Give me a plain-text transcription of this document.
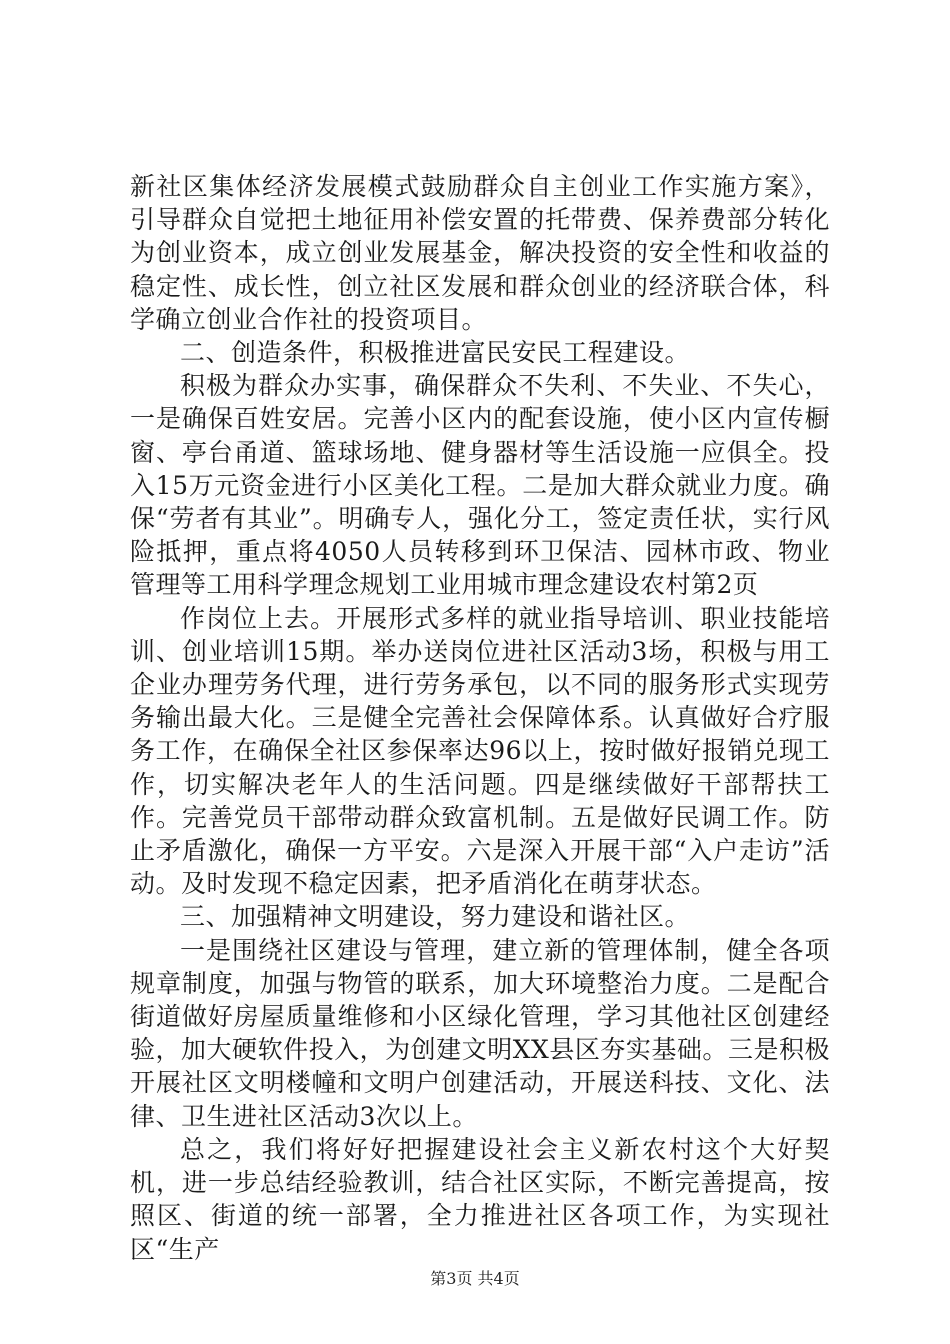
新社区集体经济发展模式鼓励群众自主创业工作实施方案》，引导群众自觉把土地征用补偿安置的托带费、保养费部分转化为创业资本，成立创业发展基金，解决投资的安全性和收益的稳定性、成长性，创立社区发展和群众创业的经济联合体，科学确立创业合作社的投资项目。

二、创造条件，积极推进富民安民工程建设。

积极为群众办实事，确保群众不失利、不失业、不失心，一是确保百姓安居。完善小区内的配套设施，使小区内宣传橱窗、亭台甬道、篮球场地、健身器材等生活设施一应俱全。投入15万元资金进行小区美化工程。二是加大群众就业力度。确保“劳者有其业”。明确专人，强化分工，签定责任状，实行风险抵押，重点将4050人员转移到环卫保洁、园林市政、物业管理等工用科学理念规划工业用城市理念建设农村第2页

作岗位上去。开展形式多样的就业指导培训、职业技能培训、创业培训15期。举办送岗位进社区活动3场，积极与用工企业办理劳务代理，进行劳务承包，以不同的服务形式实现劳务输出最大化。三是健全完善社会保障体系。认真做好合疗服务工作，在确保全社区参保率达96以上，按时做好报销兑现工作，切实解决老年人的生活问题。四是继续做好干部帮扶工作。完善党员干部带动群众致富机制。五是做好民调工作。防止矛盾激化，确保一方平安。六是深入开展干部“入户走访”活动。及时发现不稳定因素，把矛盾消化在萌芽状态。

三、加强精神文明建设，努力建设和谐社区。

一是围绕社区建设与管理，建立新的管理体制，健全各项规章制度，加强与物管的联系，加大环境整治力度。二是配合街道做好房屋质量维修和小区绿化管理，学习其他社区创建经验，加大硬软件投入，为创建文明XX县区夯实基础。三是积极开展社区文明楼幢和文明户创建活动，开展送科技、文化、法律、卫生进社区活动3次以上。

总之，我们将好好把握建设社会主义新农村这个大好契机，进一步总结经验教训，结合社区实际，不断完善提高，按照区、街道的统一部署，全力推进社区各项工作，为实现社区“生产

第3页 共4页
